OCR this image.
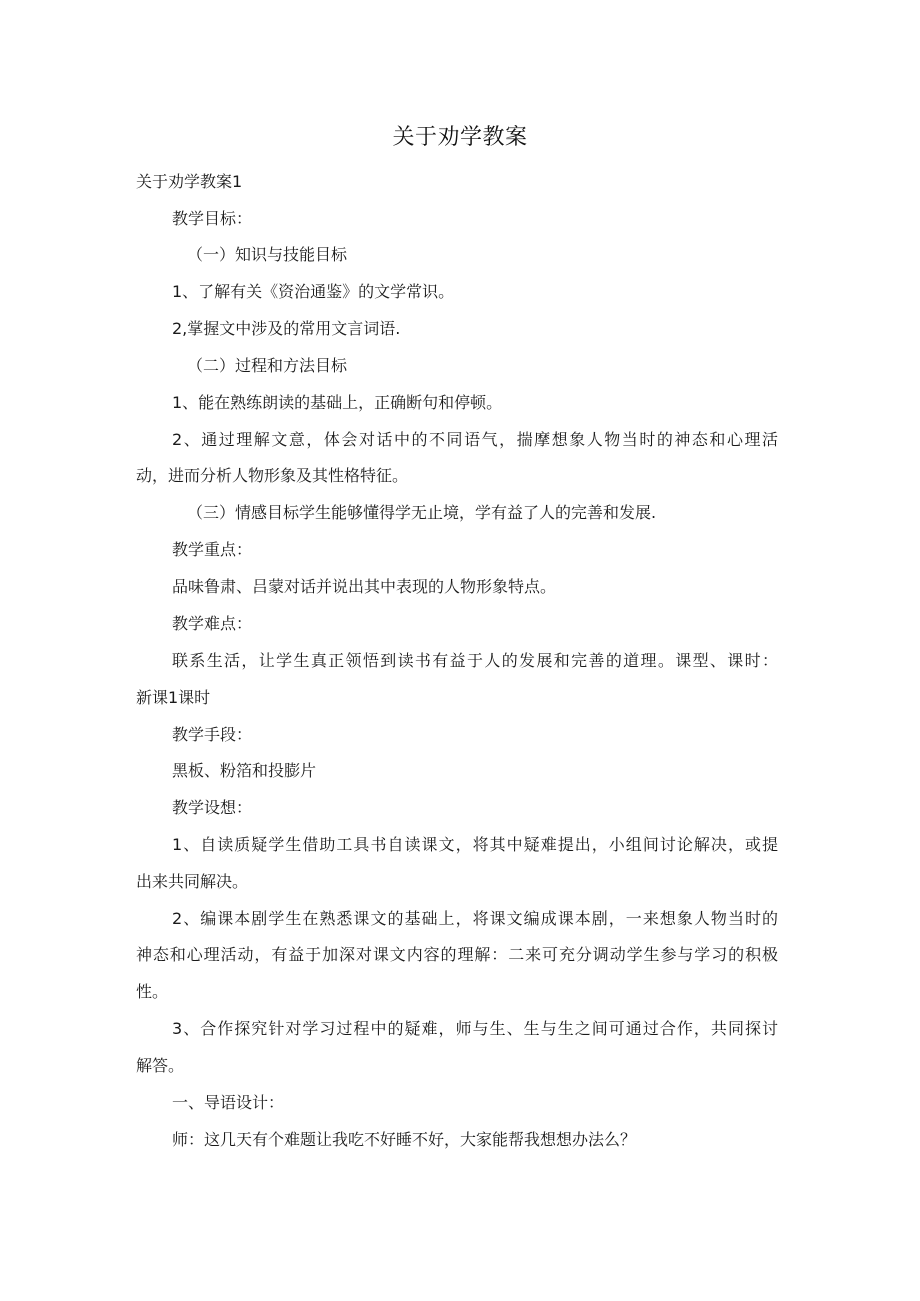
关于劝学教案
关于劝学教案1
教学目标：
（一）知识与技能目标
1、了解有关《资治通鉴》的文学常识。
2,掌握文中涉及的常用文言词语.
（二）过程和方法目标
1、能在熟练朗读的基础上，正确断句和停顿。
2、通过理解文意，体会对话中的不同语气，揣摩想象人物当时的神态和心理活
动，进而分析人物形象及其性格特征。
（三）情感目标学生能够懂得学无止境，学有益了人的完善和发展.
教学重点：
品味鲁肃、吕蒙对话并说出其中表现的人物形象特点。
教学难点：
联系生活，让学生真正领悟到读书有益于人的发展和完善的道理。课型、课时：
新课1课时
教学手段：
黑板、粉箔和投膨片
教学设想：
1、自读质疑学生借助工具书自读课文，将其中疑难提出，小组间讨论解决，或提
出来共同解决。
2、编课本剧学生在熟悉课文的基础上，将课文编成课本剧，一来想象人物当时的
神态和心理活动，有益于加深对课文内容的理解：二来可充分调动学生参与学习的积极
性。
3、合作探究针对学习过程中的疑难，师与生、生与生之间可通过合作，共同探讨
解答。
一、导语设计：
师：这几天有个难题让我吃不好睡不好，大家能帮我想想办法么？
